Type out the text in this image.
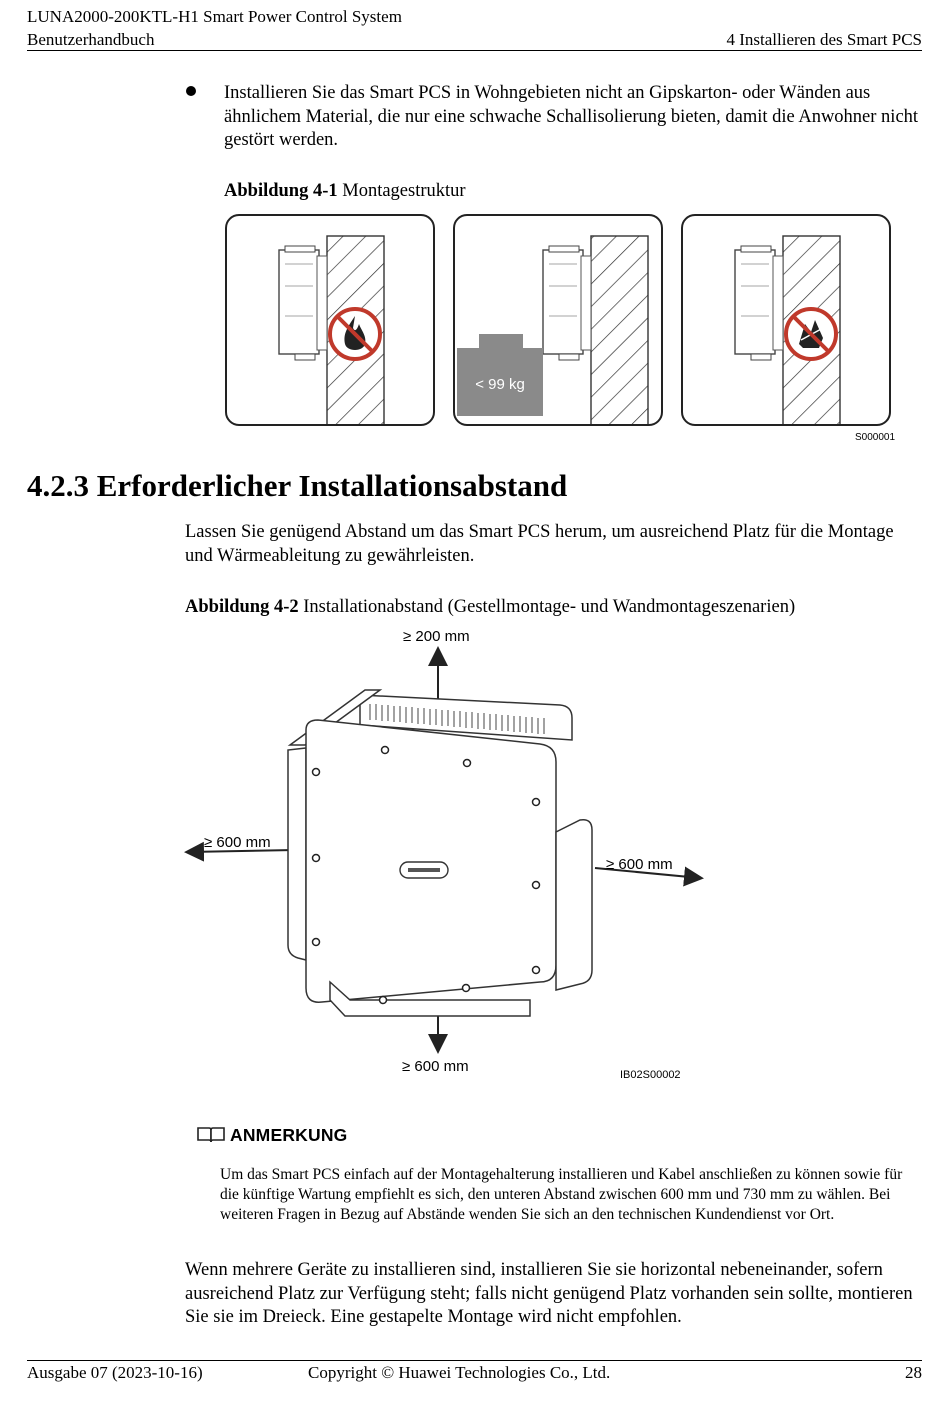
LUNA2000-200KTL-H1 Smart Power Control System
Benutzerhandbuch	4 Installieren des Smart PCS
Installieren Sie das Smart PCS in Wohngebieten nicht an Gipskarton- oder Wänden aus ähnlichem Material, die nur eine schwache Schallisolierung bieten, damit die Anwohner nicht gestört werden.
Abbildung 4-1 Montagestruktur
< 99 kg
S000001
4.2.3 Erforderlicher Installationsabstand
Lassen Sie genügend Abstand um das Smart PCS herum, um ausreichend Platz für die Montage und Wärmeableitung zu gewährleisten.
Abbildung 4-2 Installationabstand (Gestellmontage- und Wandmontageszenarien)
≥ 200 mm
≥ 600 mm
≥ 600 mm
≥ 600 mm	IB02S00002
ANMERKUNG
Um das Smart PCS einfach auf der Montagehalterung installieren und Kabel anschließen zu können sowie für die künftige Wartung empfiehlt es sich, den unteren Abstand zwischen 600 mm und 730 mm zu wählen. Bei weiteren Fragen in Bezug auf Abstände wenden Sie sich an den technischen Kundendienst vor Ort.
Wenn mehrere Geräte zu installieren sind, installieren Sie sie horizontal nebeneinander, sofern ausreichend Platz zur Verfügung steht; falls nicht genügend Platz vorhanden sein sollte, montieren Sie sie im Dreieck. Eine gestapelte Montage wird nicht empfohlen.
Ausgabe 07 (2023-10-16)	Copyright © Huawei Technologies Co., Ltd.	28
